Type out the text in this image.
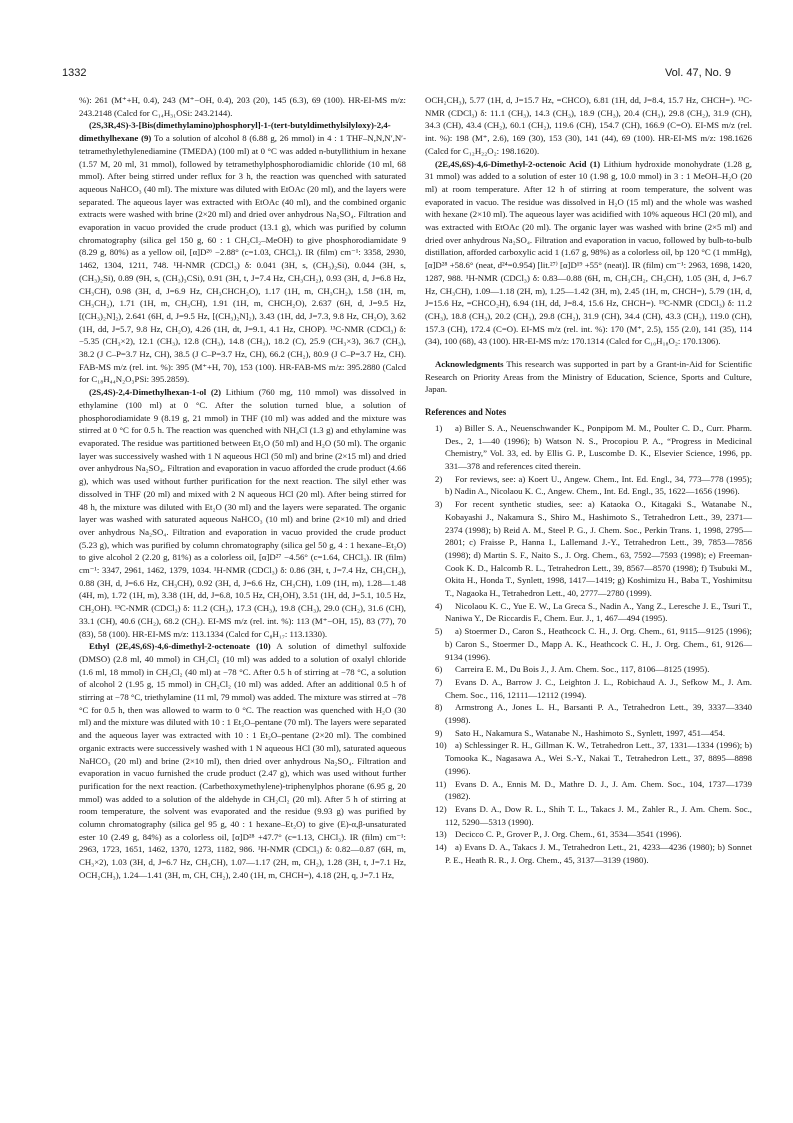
1332	Vol. 47, No. 9

%): 261 (M⁺+H, 0.4), 243 (M⁺−OH, 0.4), 203 (20), 145 (6.3), 69 (100). HR-EI-MS m/z: 243.2148 (Calcd for C₁₄H₃₁OSi: 243.2144).

(2S,3R,4S)-3-[Bis(dimethylamino)phosphoryl]-1-(tert-butyldimethylsilyloxy)-2,4-dimethylhexane (9) To a solution of alcohol 8 (6.88 g, 26 mmol) in 4 : 1 THF–N,N,N′,N′-tetramethylethylenediamine (TMEDA) (100 ml) at 0 °C was added n-butyllithium in hexane (1.57 M, 20 ml, 31 mmol), followed by tetramethylphosphorodiamidic chloride (10 ml, 68 mmol). After being stirred under reflux for 3 h, the reaction was quenched with saturated aqueous NaHCO₃ (40 ml). The mixture was diluted with EtOAc (20 ml), and the layers were separated. The aqueous layer was extracted with EtOAc (40 ml), and the combined organic extracts were washed with brine (2×20 ml) and dried over anhydrous Na₂SO₄. Filtration and evaporation in vacuo provided the crude product (13.1 g), which was purified by column chromatography (silica gel 150 g, 60 : 1 CH₂Cl₂–MeOH) to give phosphorodiamidate 9 (8.29 g, 80%) as a yellow oil, [α]D²⁶ −2.88° (c=1.03, CHCl₃). IR (film) cm⁻¹: 3358, 2930, 1462, 1304, 1211, 748. ¹H-NMR (CDCl₃) δ: 0.041 (3H, s, (CH₃)₂Si), 0.044 (3H, s, (CH₃)₂Si), 0.89 (9H, s, (CH₃)₃CSi), 0.91 (3H, t, J=7.4 Hz, CH₃CH₂), 0.93 (3H, d, J=6.8 Hz, CH₃CH), 0.98 (3H, d, J=6.9 Hz, CH₃CHCH₂O), 1.17 (1H, m, CH₃CH₂), 1.58 (1H, m, CH₃CH₂), 1.71 (1H, m, CH₃CH), 1.91 (1H, m, CHCH₂O), 2.637 (6H, d, J=9.5 Hz, [(CH₃)₂N]₂), 2.641 (6H, d, J=9.5 Hz, [(CH₃)₂N]₂), 3.43 (1H, dd, J=7.3, 9.8 Hz, CH₂O), 3.62 (1H, dd, J=5.7, 9.8 Hz, CH₂O), 4.26 (1H, dt, J=9.1, 4.1 Hz, CHOP). ¹³C-NMR (CDCl₃) δ: −5.35 (CH₃×2), 12.1 (CH₃), 12.8 (CH₃), 14.8 (CH₃), 18.2 (C), 25.9 (CH₃×3), 36.7 (CH₃), 38.2 (J C–P=3.7 Hz, CH), 38.5 (J C–P=3.7 Hz, CH), 66.2 (CH₂), 80.9 (J C–P=3.7 Hz, CH). FAB-MS m/z (rel. int. %): 395 (M⁺+H, 70), 153 (100). HR-FAB-MS m/z: 395.2880 (Calcd for C₁₈H₄₄N₂O₃PSi: 395.2859).

(2S,4S)-2,4-Dimethylhexan-1-ol (2) Lithium (760 mg, 110 mmol) was dissolved in ethylamine (100 ml) at 0 °C. After the solution turned blue, a solution of phosphorodiamidate 9 (8.19 g, 21 mmol) in THF (10 ml) was added and the mixture was stirred at 0 °C for 0.5 h. The reaction was quenched with NH₄Cl (1.3 g) and ethylamine was evaporated. The residue was partitioned between Et₂O (50 ml) and H₂O (50 ml). The organic layer was successively washed with 1 N aqueous HCl (50 ml) and brine (2×15 ml) and dried over anhydrous Na₂SO₄. Filtration and evaporation in vacuo afforded the crude product (4.66 g), which was used without further purification for the next reaction. The silyl ether was dissolved in THF (20 ml) and mixed with 2 N aqueous HCl (20 ml). After being stirred for 48 h, the mixture was diluted with Et₂O (30 ml) and the layers were separated. The organic layer was washed with saturated aqueous NaHCO₃ (10 ml) and brine (2×10 ml) and dried over anhydrous Na₂SO₄. Filtration and evaporation in vacuo provided the crude product (5.23 g), which was purified by column chromatography (silica gel 50 g, 4 : 1 hexane–Et₂O) to give alcohol 2 (2.20 g, 81%) as a colorless oil, [α]D²⁷ −4.56° (c=1.64, CHCl₃). IR (film) cm⁻¹: 3347, 2961, 1462, 1379, 1034. ¹H-NMR (CDCl₃) δ: 0.86 (3H, t, J=7.4 Hz, CH₃CH₂), 0.88 (3H, d, J=6.6 Hz, CH₃CH), 0.92 (3H, d, J=6.6 Hz, CH₃CH), 1.09 (1H, m), 1.28—1.48 (4H, m), 1.72 (1H, m), 3.38 (1H, dd, J=6.8, 10.5 Hz, CH₂OH), 3.51 (1H, dd, J=5.1, 10.5 Hz, CH₂OH). ¹³C-NMR (CDCl₃) δ: 11.2 (CH₃), 17.3 (CH₃), 19.8 (CH₃), 29.0 (CH₂), 31.6 (CH), 33.1 (CH), 40.6 (CH₂), 68.2 (CH₂). EI-MS m/z (rel. int. %): 113 (M⁺−OH, 15), 83 (77), 70 (83), 58 (100). HR-EI-MS m/z: 113.1334 (Calcd for C₈H₁₇: 113.1330).

Ethyl (2E,4S,6S)-4,6-dimethyl-2-octenoate (10) A solution of dimethyl sulfoxide (DMSO) (2.8 ml, 40 mmol) in CH₂Cl₂ (10 ml) was added to a solution of oxalyl chloride (1.6 ml, 18 mmol) in CH₂Cl₂ (40 ml) at −78 °C. After 0.5 h of stirring at −78 °C, a solution of alcohol 2 (1.95 g, 15 mmol) in CH₂Cl₂ (10 ml) was added. After an additional 0.5 h of stirring at −78 °C, triethylamine (11 ml, 79 mmol) was added. The mixture was stirred at −78 °C for 0.5 h, then was allowed to warm to 0 °C. The reaction was quenched with H₂O (30 ml) and the mixture was diluted with 10 : 1 Et₂O–pentane (70 ml). The layers were separated and the aqueous layer was extracted with 10 : 1 Et₂O–pentane (2×20 ml). The combined organic extracts were successively washed with 1 N aqueous HCl (30 ml), saturated aqueous NaHCO₃ (20 ml) and brine (2×10 ml), then dried over anhydrous Na₂SO₄. Filtration and evaporation in vacuo furnished the crude product (2.47 g), which was used without further purification for the next reaction. (Carbethoxymethylene)-triphenylphos phorane (6.95 g, 20 mmol) was added to a solution of the aldehyde in CH₂Cl₂ (20 ml). After 5 h of stirring at room temperature, the solvent was evaporated and the residue (9.93 g) was purified by column chromatography (silica gel 95 g, 40 : 1 hexane–Et₂O) to give (E)-α,β-unsaturated ester 10 (2.49 g, 84%) as a colorless oil, [α]D²⁸ +47.7° (c=1.13, CHCl₃). IR (film) cm⁻¹: 2963, 1723, 1651, 1462, 1370, 1273, 1182, 986. ¹H-NMR (CDCl₃) δ: 0.82—0.87 (6H, m, CH₃×2), 1.03 (3H, d, J=6.7 Hz, CH₃CH), 1.07—1.17 (2H, m, CH₂), 1.28 (3H, t, J=7.1 Hz, OCH₂CH₃), 1.24—1.41 (3H, m, CH, CH₂), 2.40 (1H, m, CHCH=), 4.18 (2H, q, J=7.1 Hz,

OCH₂CH₃), 5.77 (1H, d, J=15.7 Hz, =CHCO), 6.81 (1H, dd, J=8.4, 15.7 Hz, CHCH=). ¹³C-NMR (CDCl₃) δ: 11.1 (CH₃), 14.3 (CH₃), 18.9 (CH₃), 20.4 (CH₃), 29.8 (CH₂), 31.9 (CH), 34.3 (CH), 43.4 (CH₂), 60.1 (CH₂), 119.6 (CH), 154.7 (CH), 166.9 (C=O). EI-MS m/z (rel. int. %): 198 (M⁺, 2.6), 169 (30), 153 (30), 141 (44), 69 (100). HR-EI-MS m/z: 198.1626 (Calcd for C₁₂H₂₂O₂: 198.1620).

(2E,4S,6S)-4,6-Dimethyl-2-octenoic Acid (1) Lithium hydroxide monohydrate (1.28 g, 31 mmol) was added to a solution of ester 10 (1.98 g, 10.0 mmol) in 3 : 1 MeOH–H₂O (20 ml) at room temperature. After 12 h of stirring at room temperature, the solvent was evaporated in vacuo. The residue was dissolved in H₂O (15 ml) and the whole was washed with hexane (2×10 ml). The aqueous layer was acidified with 10% aqueous HCl (20 ml), and was extracted with EtOAc (20 ml). The organic layer was washed with brine (2×5 ml) and dried over anhydrous Na₂SO₄. Filtration and evaporation in vacuo, followed by bulb-to-bulb distillation, afforded carboxylic acid 1 (1.67 g, 98%) as a colorless oil, bp 120 °C (1 mmHg), [α]D²⁸ +58.6° (neat, d²⁴=0.954) [lit.²⁷⁾ [α]D¹⁹ +55° (neat)]. IR (film) cm⁻¹: 2963, 1698, 1420, 1287, 988. ¹H-NMR (CDCl₃) δ: 0.83—0.88 (6H, m, CH₃CH₂, CH₃CH), 1.05 (3H, d, J=6.7 Hz, CH₃CH), 1.09—1.18 (2H, m), 1.25—1.42 (3H, m), 2.45 (1H, m, CHCH=), 5.79 (1H, d, J=15.6 Hz, =CHCO₂H), 6.94 (1H, dd, J=8.4, 15.6 Hz, CHCH=). ¹³C-NMR (CDCl₃) δ: 11.2 (CH₃), 18.8 (CH₃), 20.2 (CH₃), 29.8 (CH₂), 31.9 (CH), 34.4 (CH), 43.3 (CH₂), 119.0 (CH), 157.3 (CH), 172.4 (C=O). EI-MS m/z (rel. int. %): 170 (M⁺, 2.5), 155 (2.0), 141 (35), 114 (34), 100 (68), 43 (100). HR-EI-MS m/z: 170.1314 (Calcd for C₁₀H₁₈O₂: 170.1306).

Acknowledgments This research was supported in part by a Grant-in-Aid for Scientific Research on Priority Areas from the Ministry of Education, Science, Sports and Culture, Japan.

References and Notes

1) a) Biller S. A., Neuenschwander K., Ponpipom M. M., Poulter C. D., Curr. Pharm. Des., 2, 1—40 (1996); b) Watson N. S., Procopiou P. A., “Progress in Medicinal Chemistry,” Vol. 33, ed. by Ellis G. P., Luscombe D. K., Elsevier Science, 1996, pp. 331—378 and references cited therein.

2) For reviews, see: a) Koert U., Angew. Chem., Int. Ed. Engl., 34, 773—778 (1995); b) Nadin A., Nicolaou K. C., Angew. Chem., Int. Ed. Engl., 35, 1622—1656 (1996).

3) For recent synthetic studies, see: a) Kataoka O., Kitagaki S., Watanabe N., Kobayashi J., Nakamura S., Shiro M., Hashimoto S., Tetrahedron Lett., 39, 2371—2374 (1998); b) Reid A. M., Steel P. G., J. Chem. Soc., Perkin Trans. 1, 1998, 2795—2801; c) Fraisse P., Hanna I., Lallemand J.-Y., Tetrahedron Lett., 39, 7853—7856 (1998); d) Martin S. F., Naito S., J. Org. Chem., 63, 7592—7593 (1998); e) Freeman-Cook K. D., Halcomb R. L., Tetrahedron Lett., 39, 8567—8570 (1998); f) Tsubuki M., Okita H., Honda T., Synlett, 1998, 1417—1419; g) Koshimizu H., Baba T., Yoshimitsu T., Nagaoka H., Tetrahedron Lett., 40, 2777—2780 (1999).

4) Nicolaou K. C., Yue E. W., La Greca S., Nadin A., Yang Z., Leresche J. E., Tsuri T., Naniwa Y., De Riccardis F., Chem. Eur. J., 1, 467—494 (1995).

5) a) Stoermer D., Caron S., Heathcock C. H., J. Org. Chem., 61, 9115—9125 (1996); b) Caron S., Stoermer D., Mapp A. K., Heathcock C. H., J. Org. Chem., 61, 9126—9134 (1996).

6) Carreira E. M., Du Bois J., J. Am. Chem. Soc., 117, 8106—8125 (1995).

7) Evans D. A., Barrow J. C., Leighton J. L., Robichaud A. J., Sefkow M., J. Am. Chem. Soc., 116, 12111—12112 (1994).

8) Armstrong A., Jones L. H., Barsanti P. A., Tetrahedron Lett., 39, 3337—3340 (1998).

9) Sato H., Nakamura S., Watanabe N., Hashimoto S., Synlett, 1997, 451—454.

10) a) Schlessinger R. H., Gillman K. W., Tetrahedron Lett., 37, 1331—1334 (1996); b) Tomooka K., Nagasawa A., Wei S.-Y., Nakai T., Tetrahedron Lett., 37, 8895—8898 (1996).

11) Evans D. A., Ennis M. D., Mathre D. J., J. Am. Chem. Soc., 104, 1737—1739 (1982).

12) Evans D. A., Dow R. L., Shih T. L., Takacs J. M., Zahler R., J. Am. Chem. Soc., 112, 5290—5313 (1990).

13) Decicco C. P., Grover P., J. Org. Chem., 61, 3534—3541 (1996).

14) a) Evans D. A., Takacs J. M., Tetrahedron Lett., 21, 4233—4236 (1980); b) Sonnet P. E., Heath R. R., J. Org. Chem., 45, 3137—3139 (1980).
